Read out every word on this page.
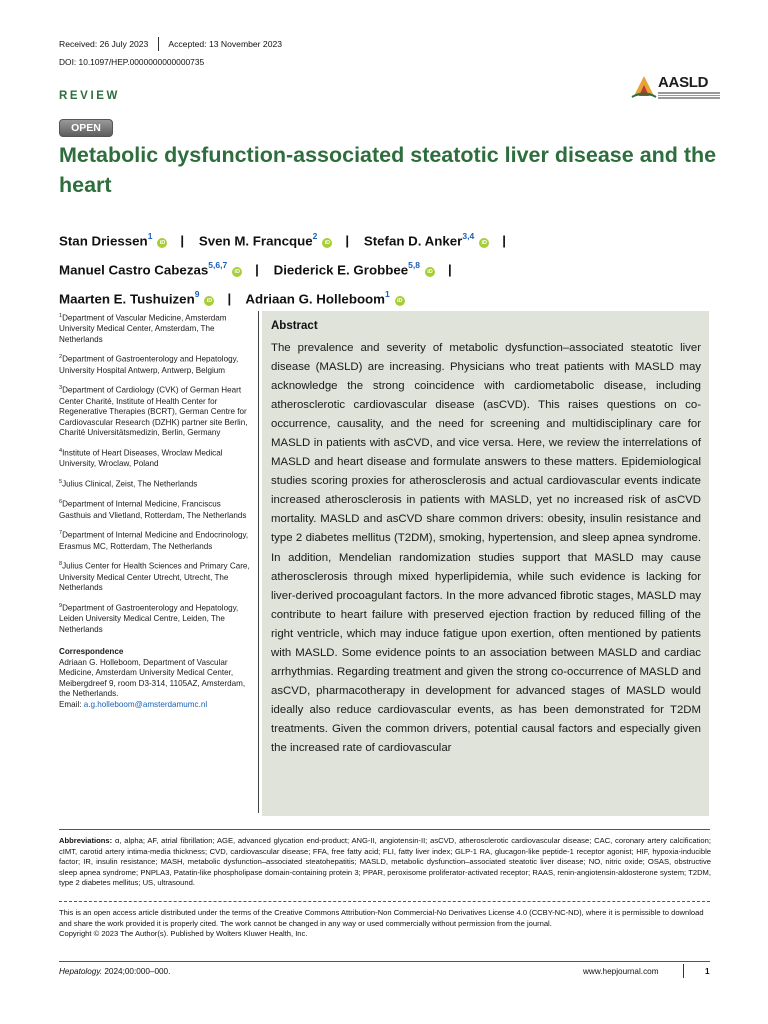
Received: 26 July 2023 Accepted: 13 November 2023
DOI: 10.1097/HEP.0000000000000735
AASLD
REVIEW
OPEN
Metabolic dysfunction-associated steatotic liver disease and the heart
Stan Driessen$^1$iD | Sven M. Francque$^2$iD | Stefan D. Anker$^{3,4}$iD |
Manuel Castro Cabezas$^{5,6,7}$iD | Diederick E. Grobbee$^{5,8}$iD |
Maarten E. Tushuizen$^9$iD | Adriaan G. Holleboom$^1$iD

$^1$Department of Vascular Medicine, Amsterdam University Medical Center, Amsterdam, The Netherlands

$^2$Department of Gastroenterology and Hepatology, University Hospital Antwerp, Antwerp, Belgium

$^3$Department of Cardiology (CVK) of German Heart Center Charité, Institute of Health Center for Regenerative Therapies (BCRT), German Centre for Cardiovascular Research (DZHK) partner site Berlin, Charité Universitätsmedizin, Berlin, Germany

$^4$Institute of Heart Diseases, Wroclaw Medical University, Wroclaw, Poland

$^5$Julius Clinical, Zeist, The Netherlands

$^6$Department of Internal Medicine, Franciscus Gasthuis and Vlietland, Rotterdam, The Netherlands

$^7$Department of Internal Medicine and Endocrinology, Erasmus MC, Rotterdam, The Netherlands

$^8$Julius Center for Health Sciences and Primary Care, University Medical Center Utrecht, Utrecht, The Netherlands

$^9$Department of Gastroenterology and Hepatology, Leiden University Medical Centre, Leiden, The Netherlands

Correspondence
Adriaan G. Holleboom, Department of Vascular Medicine, Amsterdam University Medical Center, Meibergdreef 9, room D3-314, 1105AZ, Amsterdam, the Netherlands.
Email: a.g.holleboom@amsterdamumc.nl
Abstract
The prevalence and severity of metabolic dysfunction–associated steatotic liver disease (MASLD) are increasing. Physicians who treat patients with MASLD may acknowledge the strong coincidence with cardiometabolic disease, including atherosclerotic cardiovascular disease (asCVD). This raises questions on co-occurrence, causality, and the need for screening and multidisciplinary care for MASLD in patients with asCVD, and vice versa. Here, we review the interrelations of MASLD and heart disease and formulate answers to these matters. Epidemiological studies scoring proxies for atherosclerosis and actual cardiovascular events indicate increased atherosclerosis in patients with MASLD, yet no increased risk of asCVD mortality. MASLD and asCVD share common drivers: obesity, insulin resistance and type 2 diabetes mellitus (T2DM), smoking, hypertension, and sleep apnea syndrome. In addition, Mendelian randomization studies support that MASLD may cause atherosclerosis through mixed hyperlipidemia, while such evidence is lacking for liver-derived procoagulant factors. In the more advanced fibrotic stages, MASLD may contribute to heart failure with preserved ejection fraction by reduced filling of the right ventricle, which may induce fatigue upon exertion, often mentioned by patients with MASLD. Some evidence points to an association between MASLD and cardiac arrhythmias. Regarding treatment and given the strong co-occurrence of MASLD and asCVD, pharmacotherapy in development for advanced stages of MASLD would ideally also reduce cardiovascular events, as has been demonstrated for T2DM treatments. Given the common drivers, potential causal factors and especially given the increased rate of cardiovascular
Abbreviations: α, alpha; AF, atrial fibrillation; AGE, advanced glycation end-product; ANG-II, angiotensin-II; asCVD, atherosclerotic cardiovascular disease; CAC, coronary artery calcification; cIMT, carotid artery intima-media thickness; CVD, cardiovascular disease; FFA, free fatty acid; FLI, fatty liver index; GLP-1 RA, glucagon-like peptide-1 receptor agonist; HIF, hypoxia-inducible factor; IR, insulin resistance; MASH, metabolic dysfunction–associated steatohepatitis; MASLD, metabolic dysfunction–associated steatotic liver disease; NO, nitric oxide; OSAS, obstructive sleep apnea syndrome; PNPLA3, Patatin-like phospholipase domain-containing protein 3; PPAR, peroxisome proliferator-activated receptor; RAAS, renin-angiotensin-aldosterone system; T2DM, type 2 diabetes mellitus; US, ultrasound.
This is an open access article distributed under the terms of the Creative Commons Attribution-Non Commercial-No Derivatives License 4.0 (CCBY-NC-ND), where it is permissible to download and share the work provided it is properly cited. The work cannot be changed in any way or used commercially without permission from the journal.
Copyright © 2023 The Author(s). Published by Wolters Kluwer Health, Inc.
Hepatology. 2024;00:000–000.	www.hepjournal.com	1
